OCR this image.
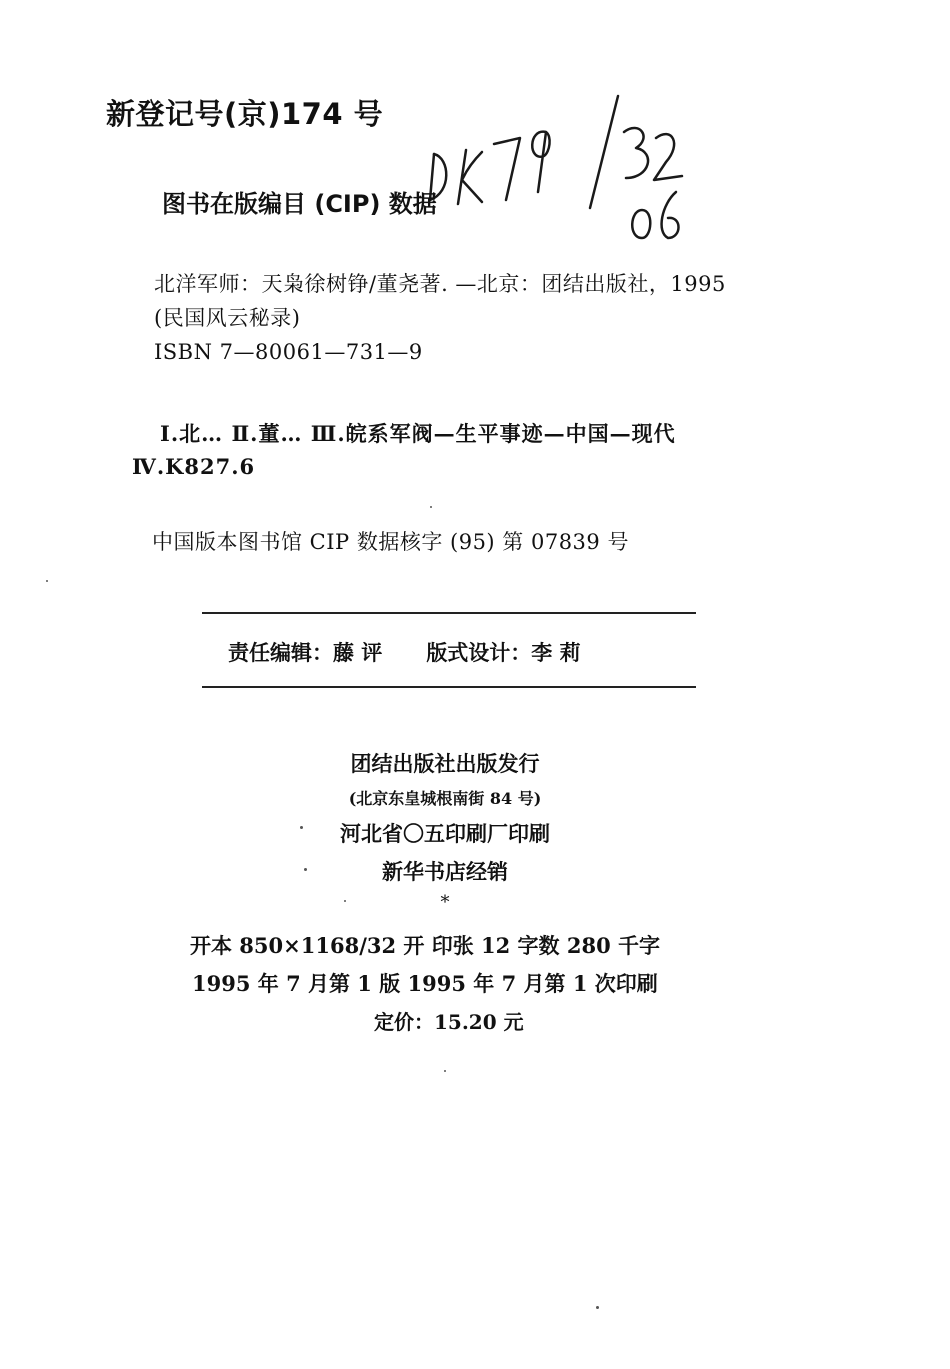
新登记号(京)174 号
图书在版编目 (CIP) 数据
北洋军师：天枭徐树铮/董尧著. —北京：团结出版社，1995
(民国风云秘录)
ISBN 7—80061—731—9
Ⅰ.北… Ⅱ.董… Ⅲ.皖系军阀—生平事迹—中国—现代
Ⅳ.K827.6
中国版本图书馆 CIP 数据核字 (95) 第 07839 号
责任编辑：藤 评 版式设计：李 莉
团结出版社出版发行
(北京东皇城根南街 84 号)
河北省〇五印刷厂印刷
新华书店经销
*
开本 850×1168/32 开 印张 12 字数 280 千字
1995 年 7 月第 1 版 1995 年 7 月第 1 次印刷
定价：15.20 元
